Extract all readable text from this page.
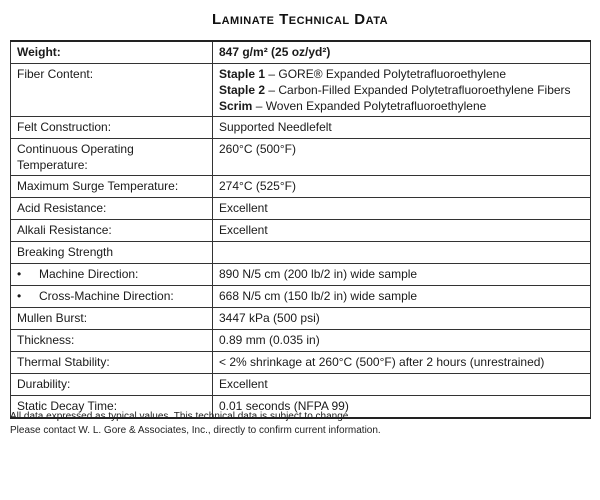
Laminate Technical Data
Weight:	847 g/m² (25 oz/yd²)
Fiber Content:	Staple 1 – GORE® Expanded Polytetrafluoroethylene
Staple 2 – Carbon-Filled Expanded Polytetrafluoroethylene Fibers
Scrim – Woven Expanded Polytetrafluoroethylene

Felt Construction:	Supported Needlefelt
Continuous Operating Temperature:	260°C (500°F)
Maximum Surge Temperature:	274°C (525°F)
Acid Resistance:	Excellent
Alkali Resistance:	Excellent
Breaking Strength	
• Machine Direction:	890 N/5 cm (200 lb/2 in) wide sample
• Cross-Machine Direction:	668 N/5 cm (150 lb/2 in) wide sample
Mullen Burst:	3447 kPa (500 psi)
Thickness:	0.89 mm (0.035 in)
Thermal Stability:	< 2% shrinkage at 260°C (500°F) after 2 hours (unrestrained)
Durability:	Excellent
Static Decay Time:	0.01 seconds (NFPA 99)
All data expressed as typical values. This technical data is subject to change.
Please contact W. L. Gore & Associates, Inc., directly to confirm current information.
